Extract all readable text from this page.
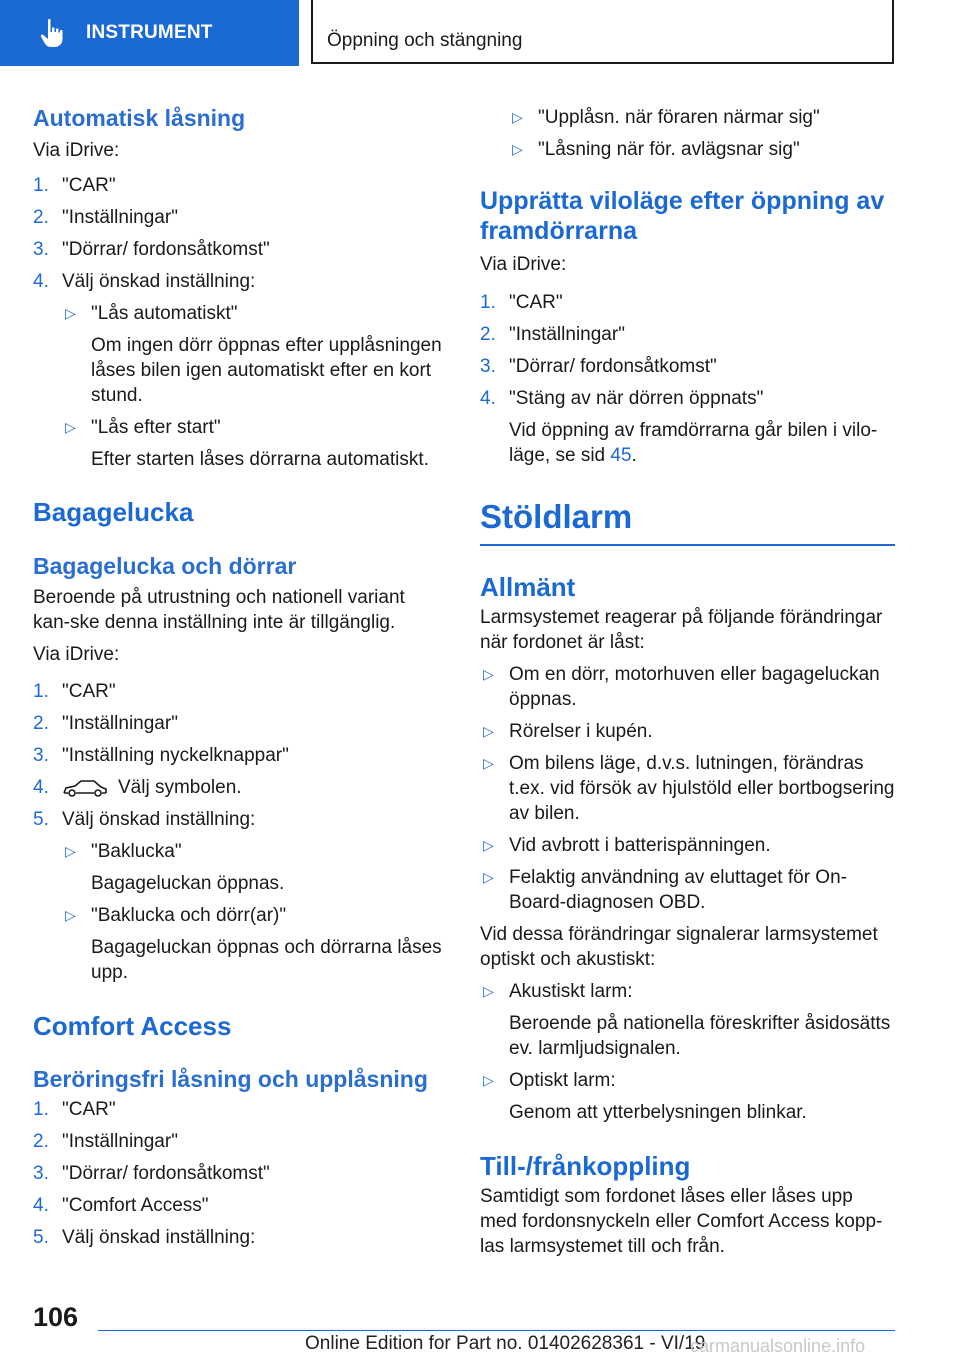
INSTRUMENT	Öppning och stängning
Automatisk låsning

Via iDrive:

1. "CAR"
2. "Inställningar"
3. "Dörrar/ fordonsåtkomst"
4. Välj önskad inställning:
▷ "Lås automatiskt"
Om ingen dörr öppnas efter upplåsningen låses bilen igen automatiskt efter en kort stund.
▷ "Lås efter start"
Efter starten låses dörrarna automatiskt.
Bagagelucka
Bagagelucka och dörrar

Beroende på utrustning och nationell variant kan-ske denna inställning inte är tillgänglig.

Via iDrive:

1. "CAR"
2. "Inställningar"
3. "Inställning nyckelknappar"
4.	Välj symbolen.
5. Välj önskad inställning:
▷ "Baklucka"
Bagageluckan öppnas.
▷ "Baklucka och dörr(ar)"
Bagageluckan öppnas och dörrarna låses upp.
Comfort Access
Beröringsfri låsning och upplåsning
1. "CAR"
2. "Inställningar"
3. "Dörrar/ fordonsåtkomst"
4. "Comfort Access"
5. Välj önskad inställning:
▷ "Upplåsn. när föraren närmar sig"
▷ "Låsning när för. avlägsnar sig"
Upprätta viloläge efter öppning av framdörrarna

Via iDrive:

1. "CAR"
2. "Inställningar"
3. "Dörrar/ fordonsåtkomst"
4. "Stäng av när dörren öppnats"
Vid öppning av framdörrarna går bilen i vilo-läge, se sid 45.
Stöldlarm
Allmänt

Larmsystemet reagerar på följande förändringar när fordonet är låst:

▷ Om en dörr, motorhuven eller bagageluckan öppnas.
▷ Rörelser i kupén.
▷ Om bilens läge, d.v.s. lutningen, förändras t.ex. vid försök av hjulstöld eller bortbogsering av bilen.
▷ Vid avbrott i batterispänningen.
▷ Felaktig användning av eluttaget för On-Board-diagnosen OBD.

Vid dessa förändringar signalerar larmsystemet optiskt och akustiskt:

▷ Akustiskt larm:
Beroende på nationella föreskrifter åsidosätts ev. larmljudsignalen.
▷ Optiskt larm:
Genom att ytterbelysningen blinkar.
Till-/frånkoppling

Samtidigt som fordonet låses eller låses upp med fordonsnyckeln eller Comfort Access kopp-las larmsystemet till och från.

106
Online Edition for Part no. 01402628361 - VI/19
carmanualsonline.info
